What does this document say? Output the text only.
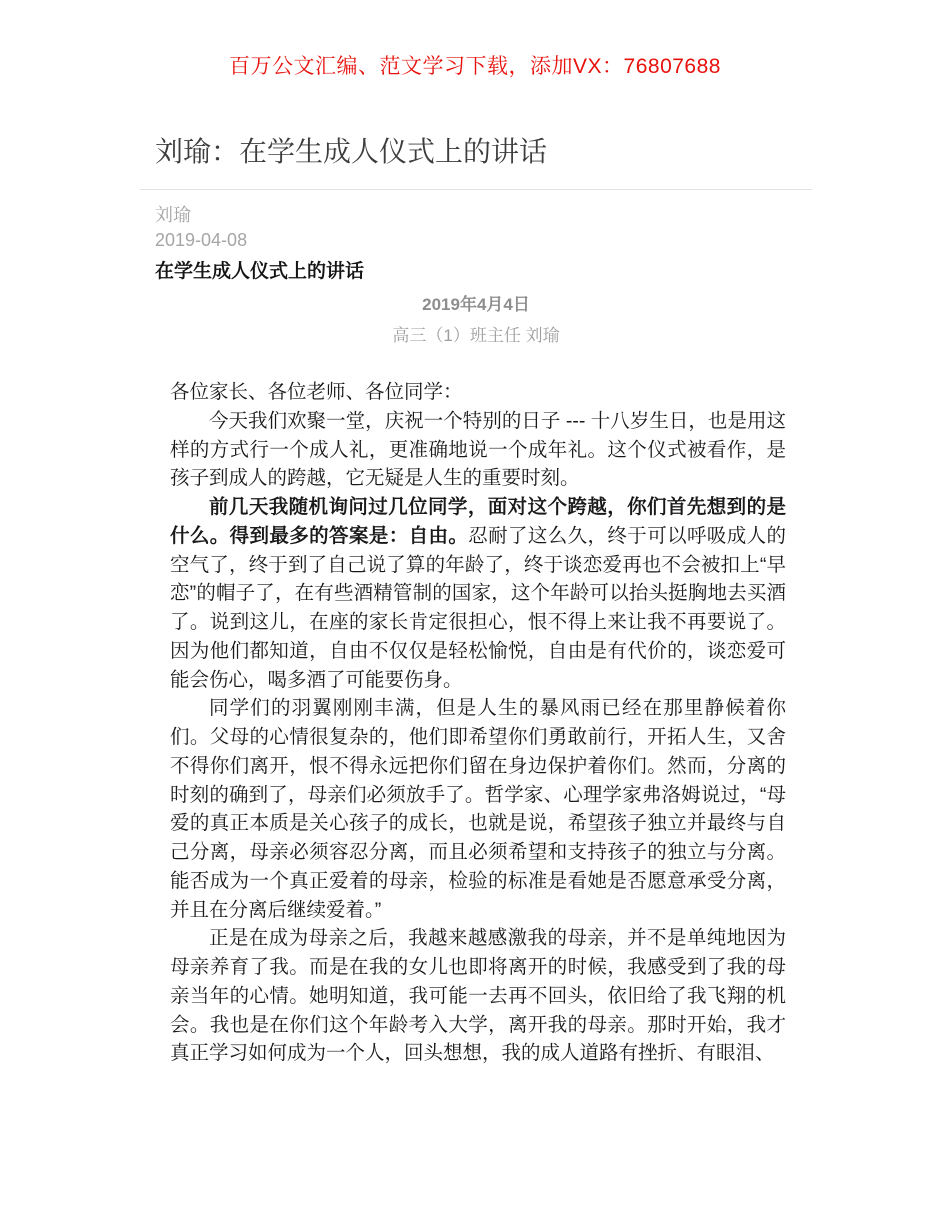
百万公文汇编、范文学习下载，添加VX：76807688
刘瑜：在学生成人仪式上的讲话
刘瑜
2019-04-08
在学生成人仪式上的讲话
2019年4月4日
高三（1）班主任 刘瑜

各位家长、各位老师、各位同学：

今天我们欢聚一堂，庆祝一个特别的日子 --- 十八岁生日，也是用这样的方式行一个成人礼，更准确地说一个成年礼。这个仪式被看作，是孩子到成人的跨越，它无疑是人生的重要时刻。

前几天我随机询问过几位同学，面对这个跨越，你们首先想到的是什么。得到最多的答案是：自由。忍耐了这么久，终于可以呼吸成人的空气了，终于到了自己说了算的年龄了，终于谈恋爱再也不会被扣上“早恋”的帽子了，在有些酒精管制的国家，这个年龄可以抬头挺胸地去买酒了。说到这儿，在座的家长肯定很担心，恨不得上来让我不再要说了。因为他们都知道，自由不仅仅是轻松愉悦，自由是有代价的，谈恋爱可能会伤心，喝多酒了可能要伤身。

同学们的羽翼刚刚丰满，但是人生的暴风雨已经在那里静候着你们。父母的心情很复杂的，他们即希望你们勇敢前行，开拓人生，又舍不得你们离开，恨不得永远把你们留在身边保护着你们。然而，分离的时刻的确到了，母亲们必须放手了。哲学家、心理学家弗洛姆说过，“母爱的真正本质是关心孩子的成长，也就是说，希望孩子独立并最终与自己分离，母亲必须容忍分离，而且必须希望和支持孩子的独立与分离。能否成为一个真正爱着的母亲，检验的标准是看她是否愿意承受分离，并且在分离后继续爱着。”

正是在成为母亲之后，我越来越感激我的母亲，并不是单纯地因为母亲养育了我。而是在我的女儿也即将离开的时候，我感受到了我的母亲当年的心情。她明知道，我可能一去再不回头，依旧给了我飞翔的机会。我也是在你们这个年龄考入大学，离开我的母亲。那时开始，我才真正学习如何成为一个人，回头想想，我的成人道路有挫折、有眼泪、
